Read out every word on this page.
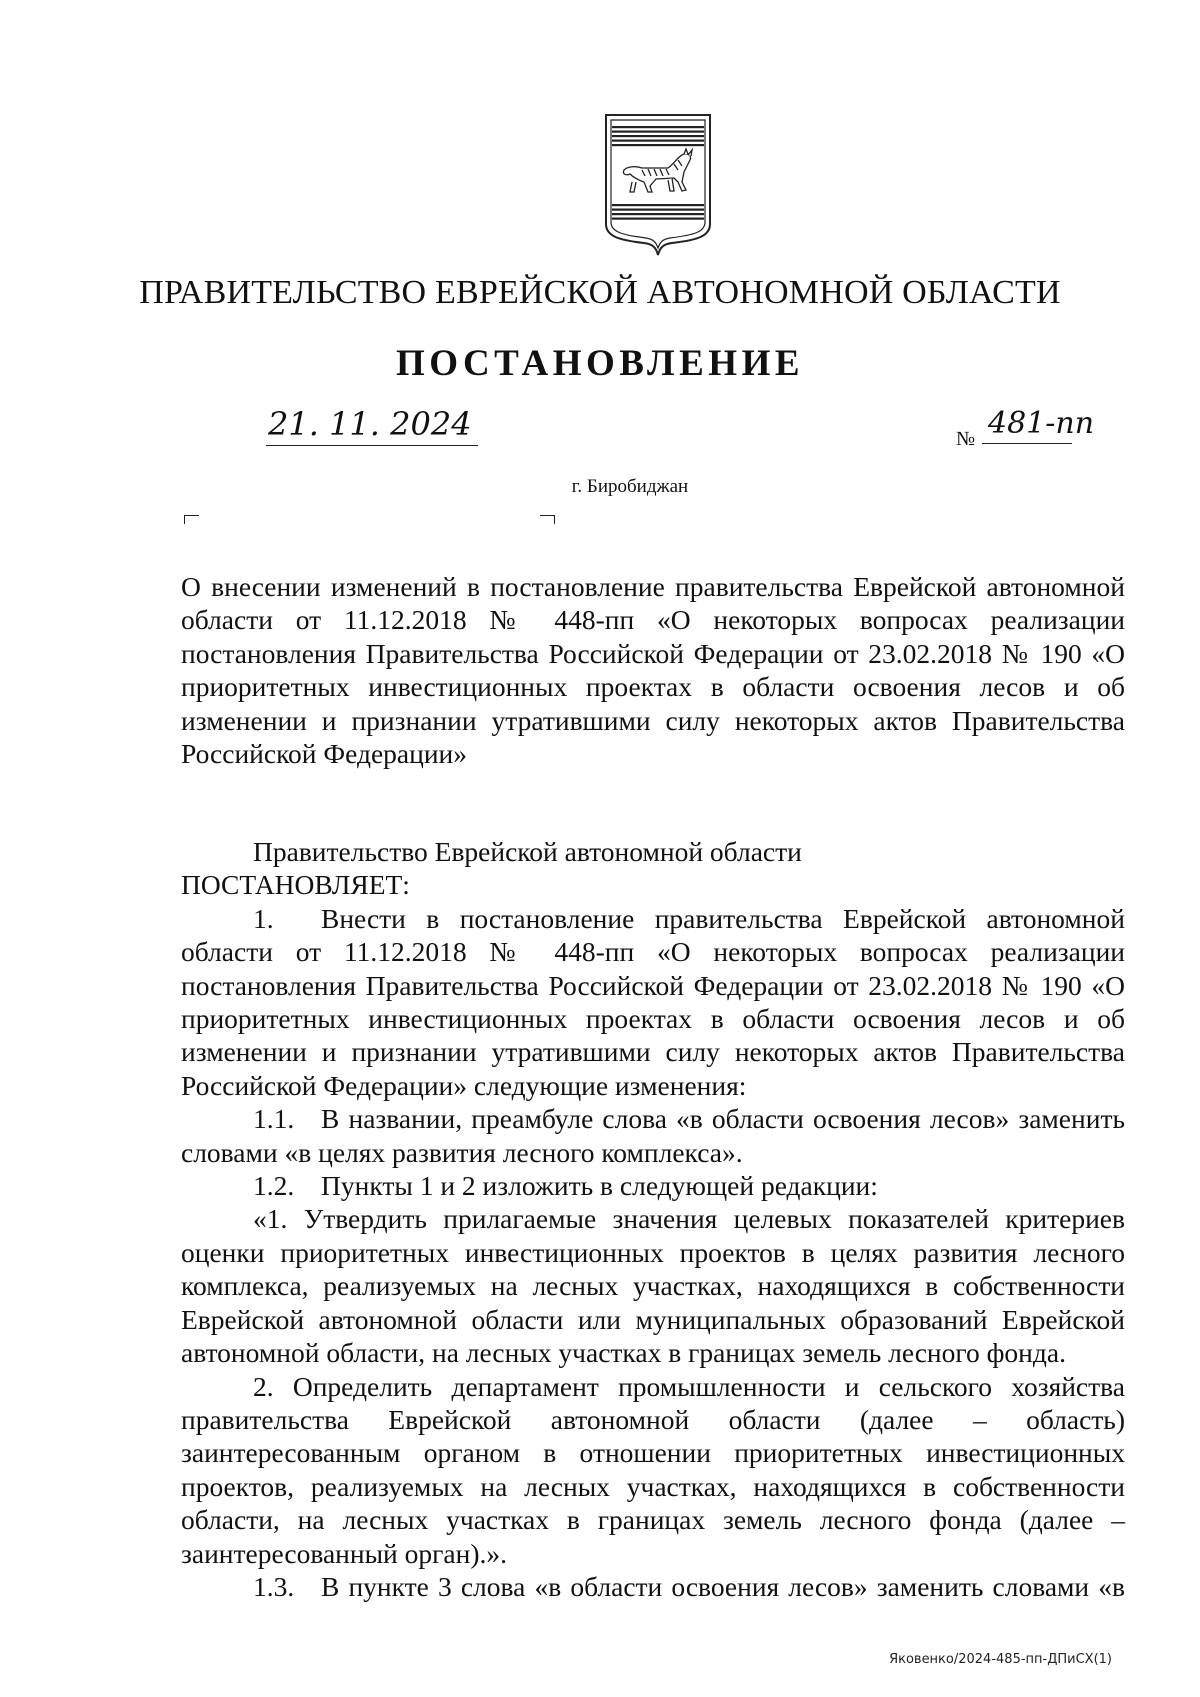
ПРАВИТЕЛЬСТВО ЕВРЕЙСКОЙ АВТОНОМНОЙ ОБЛАСТИ
ПОСТАНОВЛЕНИЕ
21. 11. 2024	№ 481-пп
г. Биробиджан

О внесении изменений в постановление правительства Еврейской автономной области от 11.12.2018 № 448-пп «О некоторых вопросах реализации постановления Правительства Российской Федерации от 23.02.2018 № 190 «О приоритетных инвестиционных проектах в области освоения лесов и об изменении и признании утратившими силу некоторых актов Правительства Российской Федерации»

Правительство Еврейской автономной области

ПОСТАНОВЛЯЕТ:

1. Внести в постановление правительства Еврейской автономной области от 11.12.2018 № 448-пп «О некоторых вопросах реализации постановления Правительства Российской Федерации от 23.02.2018 № 190 «О приоритетных инвестиционных проектах в области освоения лесов и об изменении и признании утратившими силу некоторых актов Правительства Российской Федерации» следующие изменения:

1.1. В названии, преамбуле слова «в области освоения лесов» заменить словами «в целях развития лесного комплекса».

1.2. Пункты 1 и 2 изложить в следующей редакции:

«1. Утвердить прилагаемые значения целевых показателей критериев оценки приоритетных инвестиционных проектов в целях развития лесного комплекса, реализуемых на лесных участках, находящихся в собственности Еврейской автономной области или муниципальных образований Еврейской автономной области, на лесных участках в границах земель лесного фонда.

2. Определить департамент промышленности и сельского хозяйства правительства Еврейской автономной области (далее – область) заинтересованным органом в отношении приоритетных инвестиционных проектов, реализуемых на лесных участках, находящихся в собственности области, на лесных участках в границах земель лесного фонда (далее – заинтересованный орган).».

1.3. В пункте 3 слова «в области освоения лесов» заменить словами «в

Яковенко/2024-485-пп-ДПиСХ(1)
